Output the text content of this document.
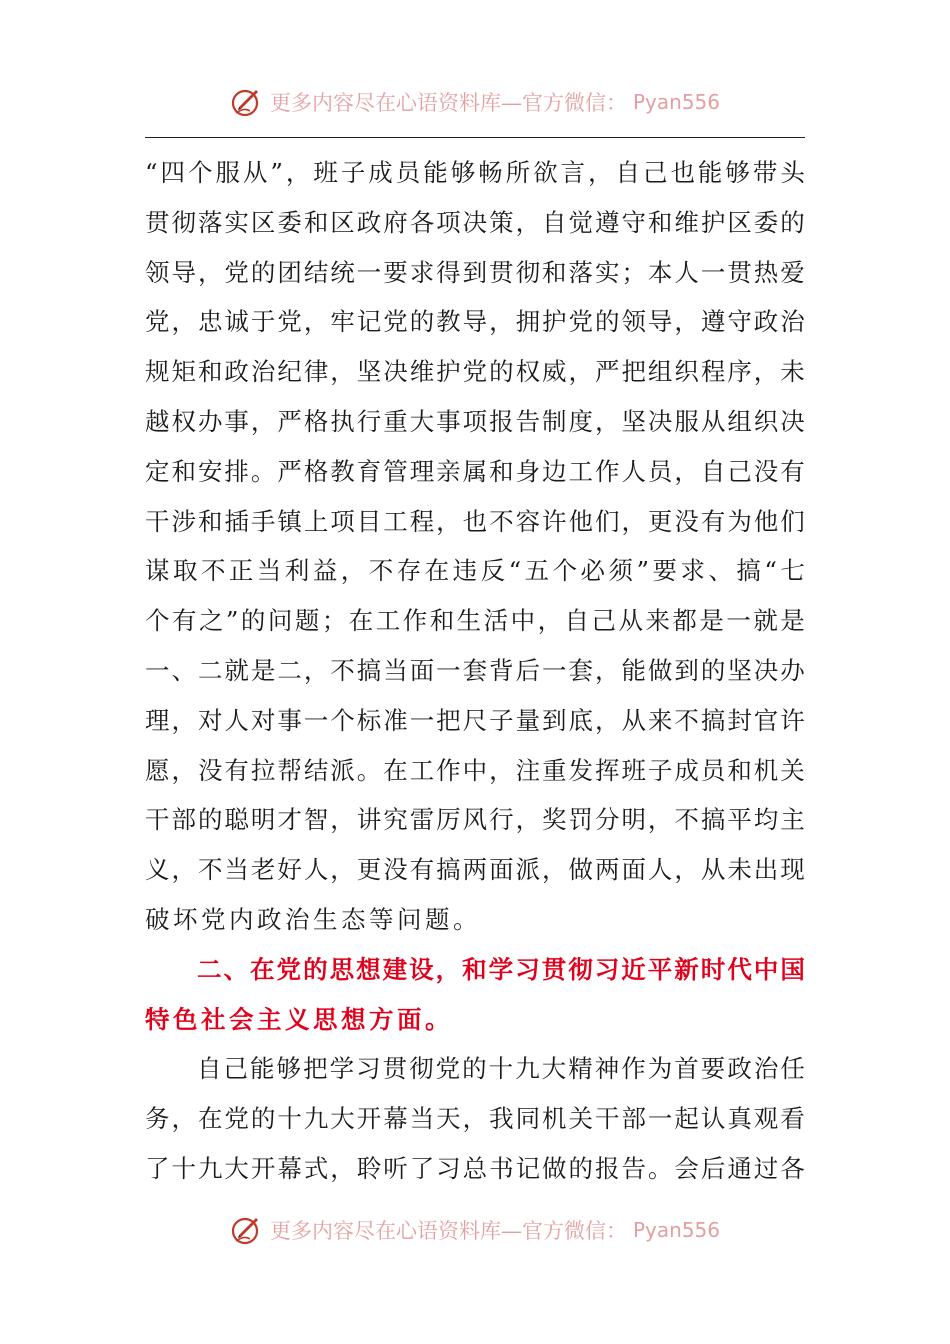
更多内容尽在心语资料库—官方微信： Pyan556
“ 四 个 服 从 ” ， 班 子 成 员 能 够 畅 所 欲 言 ， 自 己 也 能 够 带 头
贯 彻 落 实 区 委 和 区 政 府 各 项 决 策 ， 自 觉 遵 守 和 维 护 区 委 的
领 导 ， 党 的 团 结 统 一 要 求 得 到 贯 彻 和 落 实 ； 本 人 一 贯 热 爱
党 ， 忠 诚 于 党 ， 牢 记 党 的 教 导 ， 拥 护 党 的 领 导 ， 遵 守 政 治
规 矩 和 政 治 纪 律 ， 坚 决 维 护 党 的 权 威 ， 严 把 组 织 程 序 ， 未
越 权 办 事 ， 严 格 执 行 重 大 事 项 报 告 制 度 ， 坚 决 服 从 组 织 决
定 和 安 排 。 严 格 教 育 管 理 亲 属 和 身 边 工 作 人 员 ， 自 己 没 有
干 涉 和 插 手 镇 上 项 目 工 程 ， 也 不 容 许 他 们 ， 更 没 有 为 他 们
谋 取 不 正 当 利 益 ， 不 存 在 违 反 “ 五 个 必 须 ” 要 求 、 搞 “ 七
个 有 之 ” 的 问 题 ； 在 工 作 和 生 活 中 ， 自 己 从 来 都 是 一 就 是
一 、 二 就 是 二 ， 不 搞 当 面 一 套 背 后 一 套 ， 能 做 到 的 坚 决 办
理 ， 对 人 对 事 一 个 标 准 一 把 尺 子 量 到 底 ， 从 来 不 搞 封 官 许
愿 ， 没 有 拉 帮 结 派 。 在 工 作 中 ， 注 重 发 挥 班 子 成 员 和 机 关
干 部 的 聪 明 才 智 ， 讲 究 雷 厉 风 行 ， 奖 罚 分 明 ， 不 搞 平 均 主
义 ， 不 当 老 好 人 ， 更 没 有 搞 两 面 派 ， 做 两 面 人 ， 从 未 出 现
破坏党内政治生态等问题。
二 、 在 党 的 思 想 建 设 ， 和 学 习 贯 彻 习 近 平 新 时 代 中 国
特色社会主义思想方面。
自 己 能 够 把 学 习 贯 彻 党 的 十 九 大 精 神 作 为 首 要 政 治 任
务 ， 在 党 的 十 九 大 开 幕 当 天 ， 我 同 机 关 干 部 一 起 认 真 观 看
了 十 九 大 开 幕 式 ， 聆 听 了 习 总 书 记 做 的 报 告 。 会 后 通 过 各
更多内容尽在心语资料库—官方微信： Pyan556
